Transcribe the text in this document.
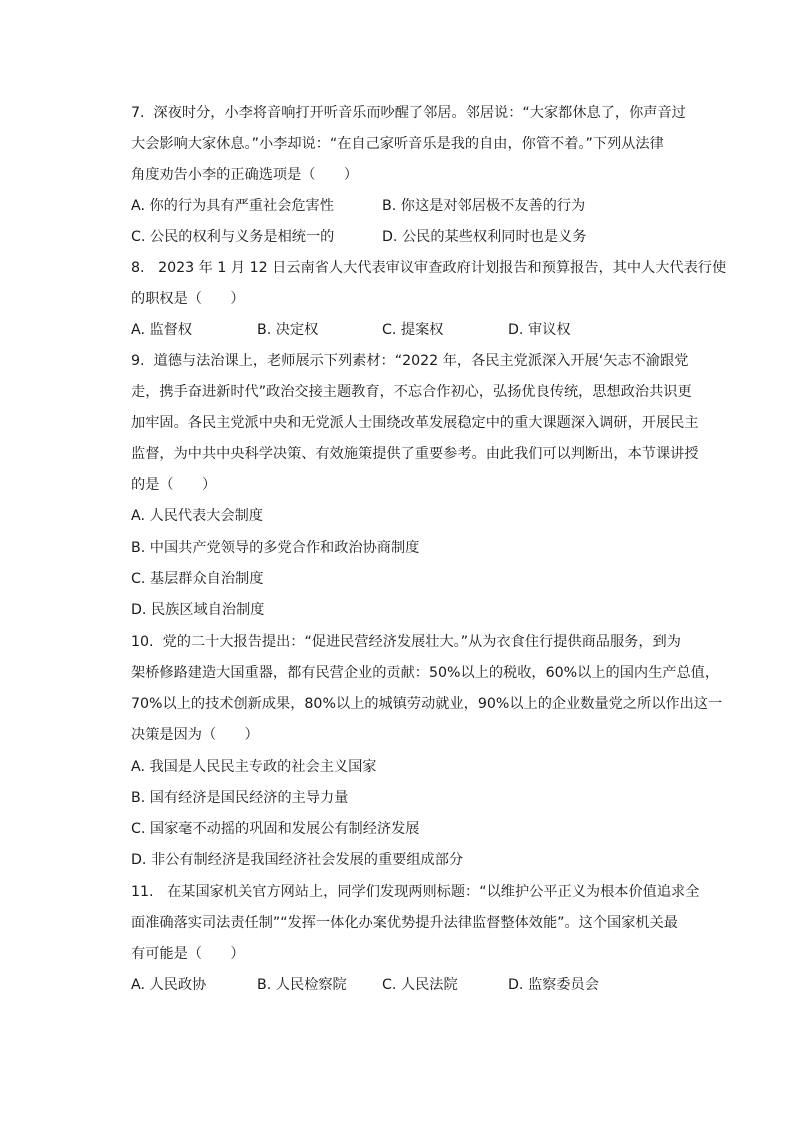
7.  深夜时分，小李将音响打开听音乐而吵醒了邻居。邻居说：“大家都休息了，你声音过
大会影响大家休息。”小李却说：“在自己家听音乐是我的自由，你管不着。”下列从法律
角度劝告小李的正确选项是（　　）
A. 你的行为具有严重社会危害性	B. 你这是对邻居极不友善的行为
C. 公民的权利与义务是相统一的	D. 公民的某些权利同时也是义务
8.   2023 年 1 月 12 日云南省人大代表审议审查政府计划报告和预算报告，其中人大代表行使
的职权是（　　）
A. 监督权	B. 决定权	C. 提案权	D. 审议权
9.  道德与法治课上，老师展示下列素材：“2022 年，各民主党派深入开展‘矢志不渝跟党
走，携手奋进新时代”政治交接主题教育，不忘合作初心，弘扬优良传统，思想政治共识更
加牢固。各民主党派中央和无党派人士围绕改革发展稳定中的重大课题深入调研，开展民主
监督，为中共中央科学决策、有效施策提供了重要参考。由此我们可以判断出，本节课讲授
的是（　　）
A. 人民代表大会制度
B. 中国共产党领导的多党合作和政治协商制度
C. 基层群众自治制度
D. 民族区域自治制度
10.  党的二十大报告提出：“促进民营经济发展壮大。”从为衣食住行提供商品服务，到为
架桥修路建造大国重器，都有民营企业的贡献：50%以上的税收，60%以上的国内生产总值，
70%以上的技术创新成果，80%以上的城镇劳动就业，90%以上的企业数量党之所以作出这一
决策是因为（　　）
A. 我国是人民民主专政的社会主义国家
B. 国有经济是国民经济的主导力量
C. 国家毫不动摇的巩固和发展公有制经济发展
D. 非公有制经济是我国经济社会发展的重要组成部分
11.   在某国家机关官方网站上，同学们发现两则标题：“以维护公平正义为根本价值追求全
面准确落实司法责任制”“发挥一体化办案优势提升法律监督整体效能”。这个国家机关最
有可能是（　　）
A. 人民政协	B. 人民检察院 C. 人民法院	D. 监察委员会
